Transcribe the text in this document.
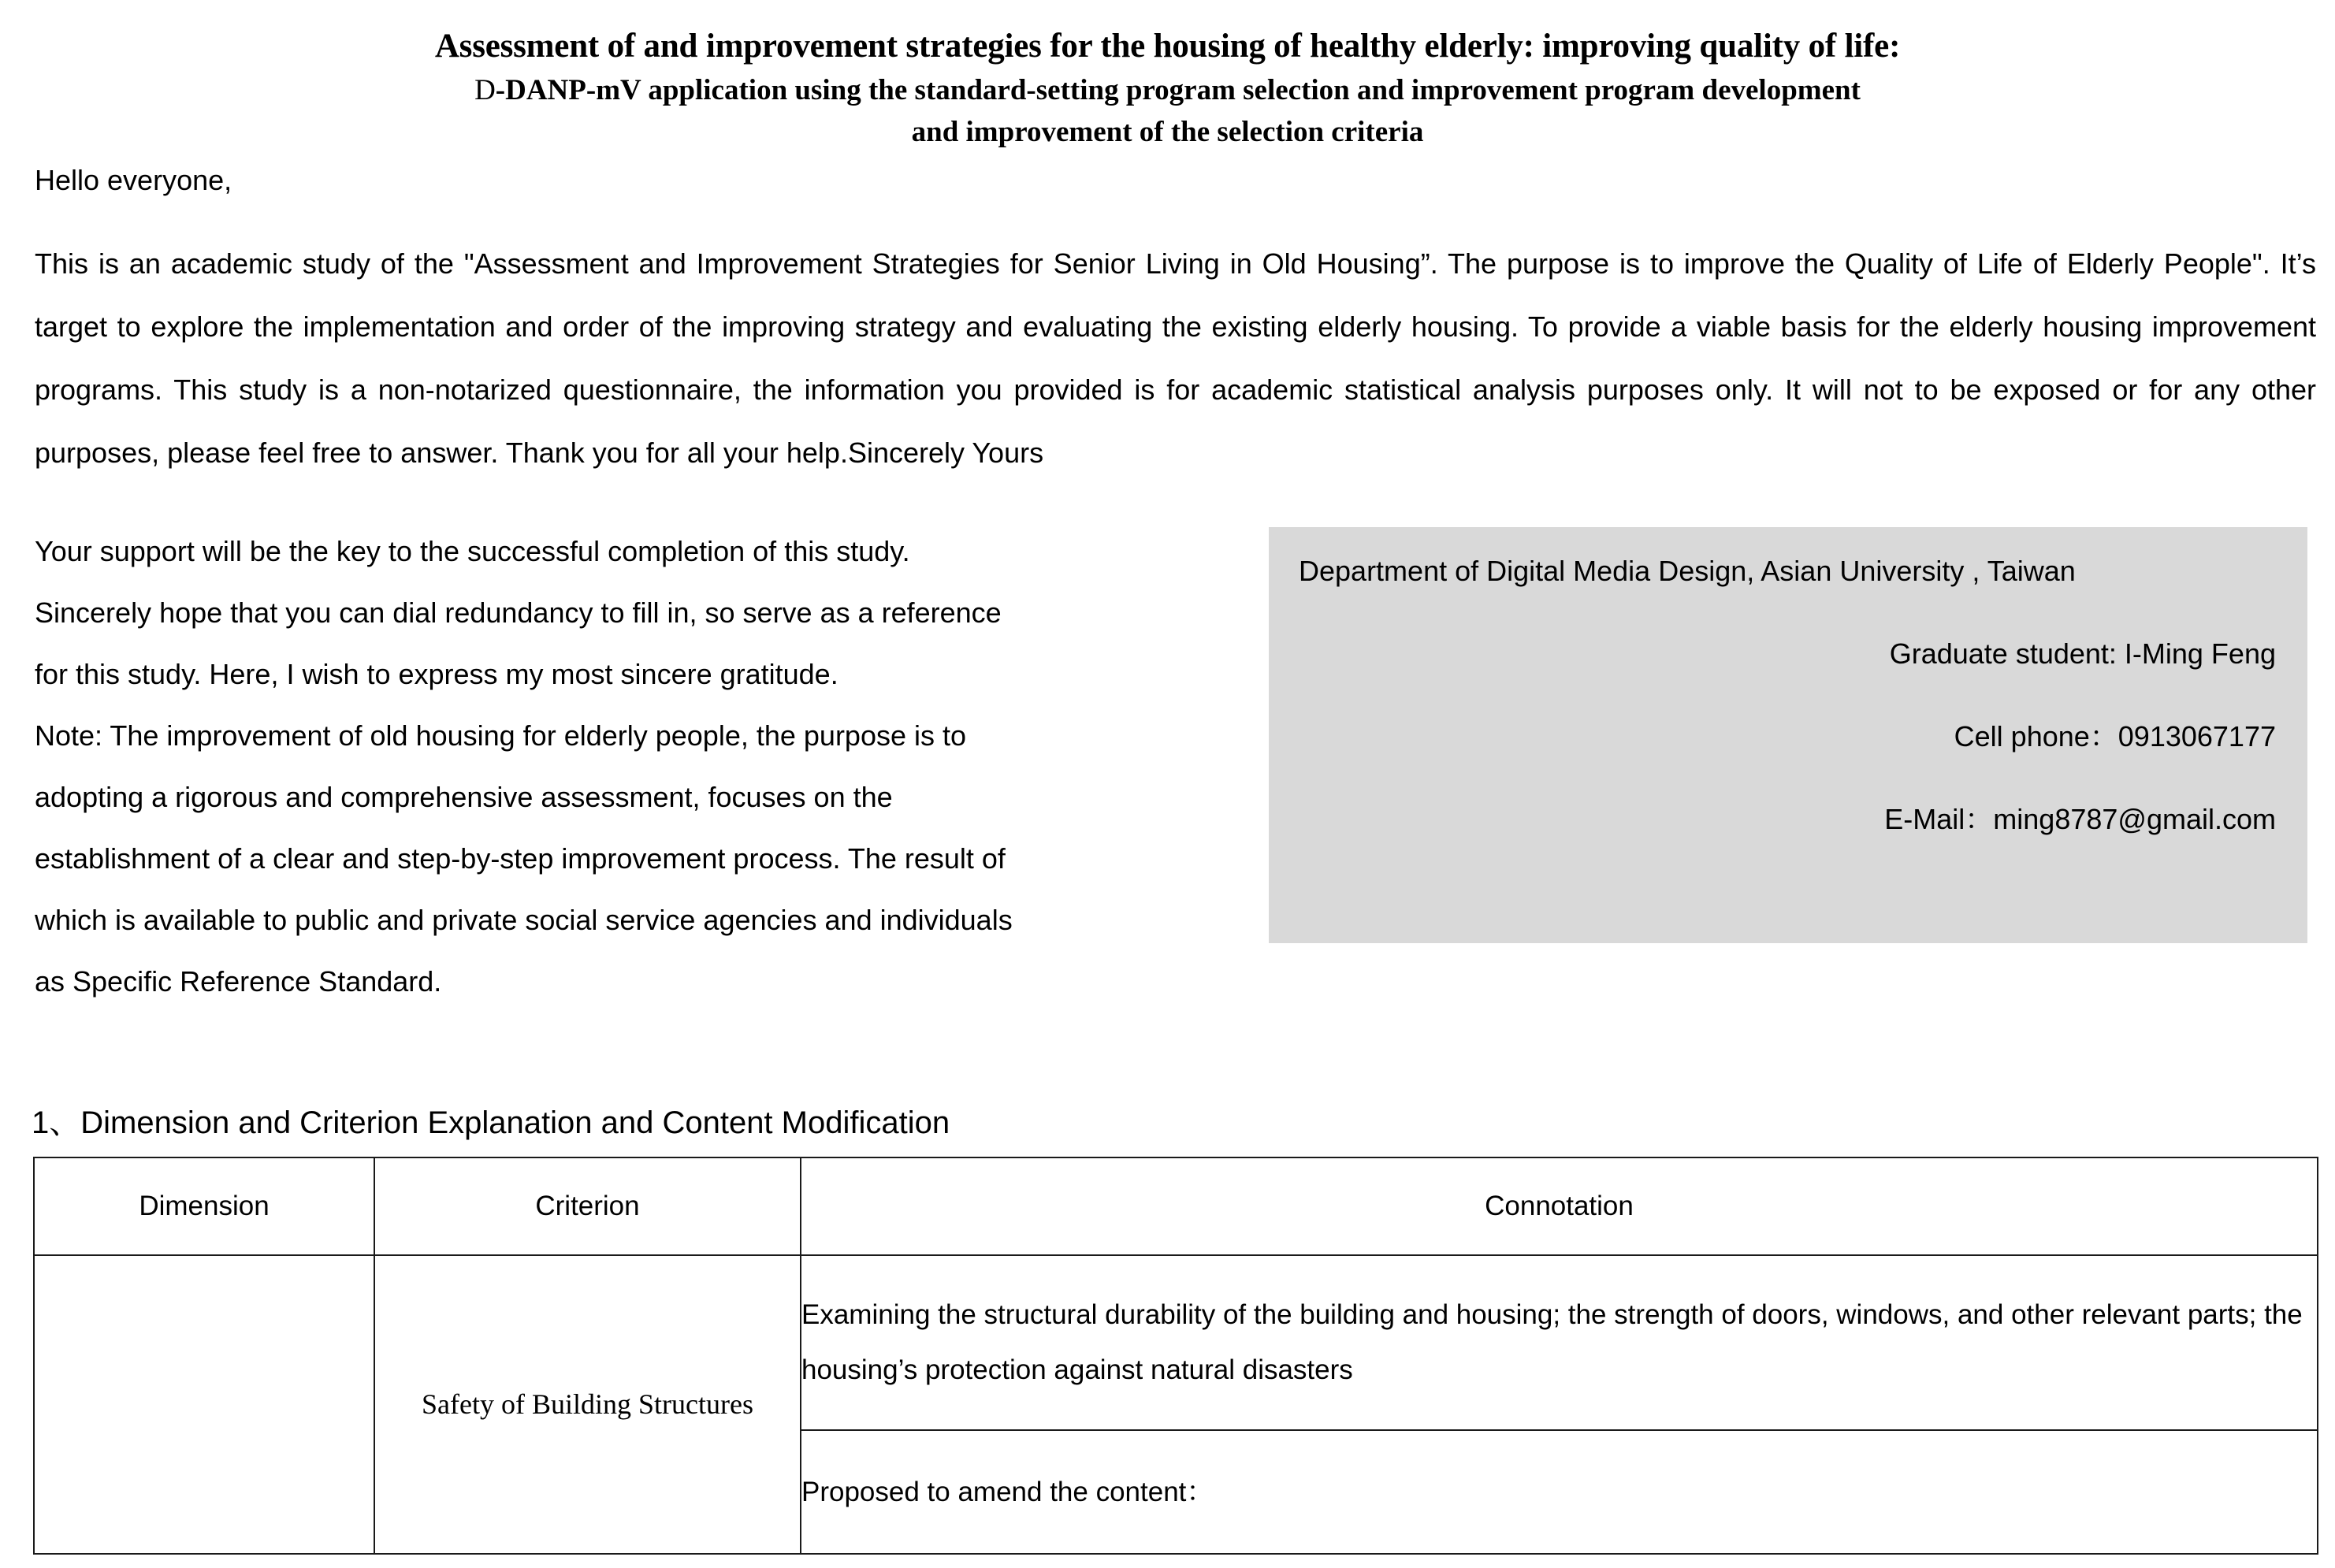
Assessment of and improvement strategies for the housing of healthy elderly: improving quality of life:
D-DANP-mV application using the standard-setting program selection and improvement program development
and improvement of the selection criteria

Hello everyone,

This is an academic study of the "Assessment and Improvement Strategies for Senior Living in Old Housing”. The purpose is to improve the Quality of Life of Elderly People". It’s target to explore the implementation and order of the improving strategy and evaluating the existing elderly housing. To provide a viable basis for the elderly housing improvement programs. This study is a non-notarized questionnaire, the information you provided is for academic statistical analysis purposes only. It will not to be exposed or for any other purposes, please feel free to answer. Thank you for all your help.Sincerely Yours

Your support will be the key to the successful completion of this study.

Sincerely hope that you can dial redundancy to fill in, so serve as a reference

for this study. Here, I wish to express my most sincere gratitude.

Note: The improvement of old housing for elderly people, the purpose is to

adopting a rigorous and comprehensive assessment, focuses on the

establishment of a clear and step-by-step improvement process. The result of

which is available to public and private social service agencies and individuals

as Specific Reference Standard.

Department of Digital Media Design, Asian University , Taiwan

Graduate student: I-Ming Feng

Cell phone：0913067177

E-Mail：ming8787@gmail.com

1、Dimension and Criterion Explanation and Content Modification
Dimension	Criterion	Connotation
	Safety of Building Structures	Examining the structural durability of the building and housing; the strength of doors, windows, and other relevant parts; the housing’s protection against natural disasters
		Proposed to amend the content：
